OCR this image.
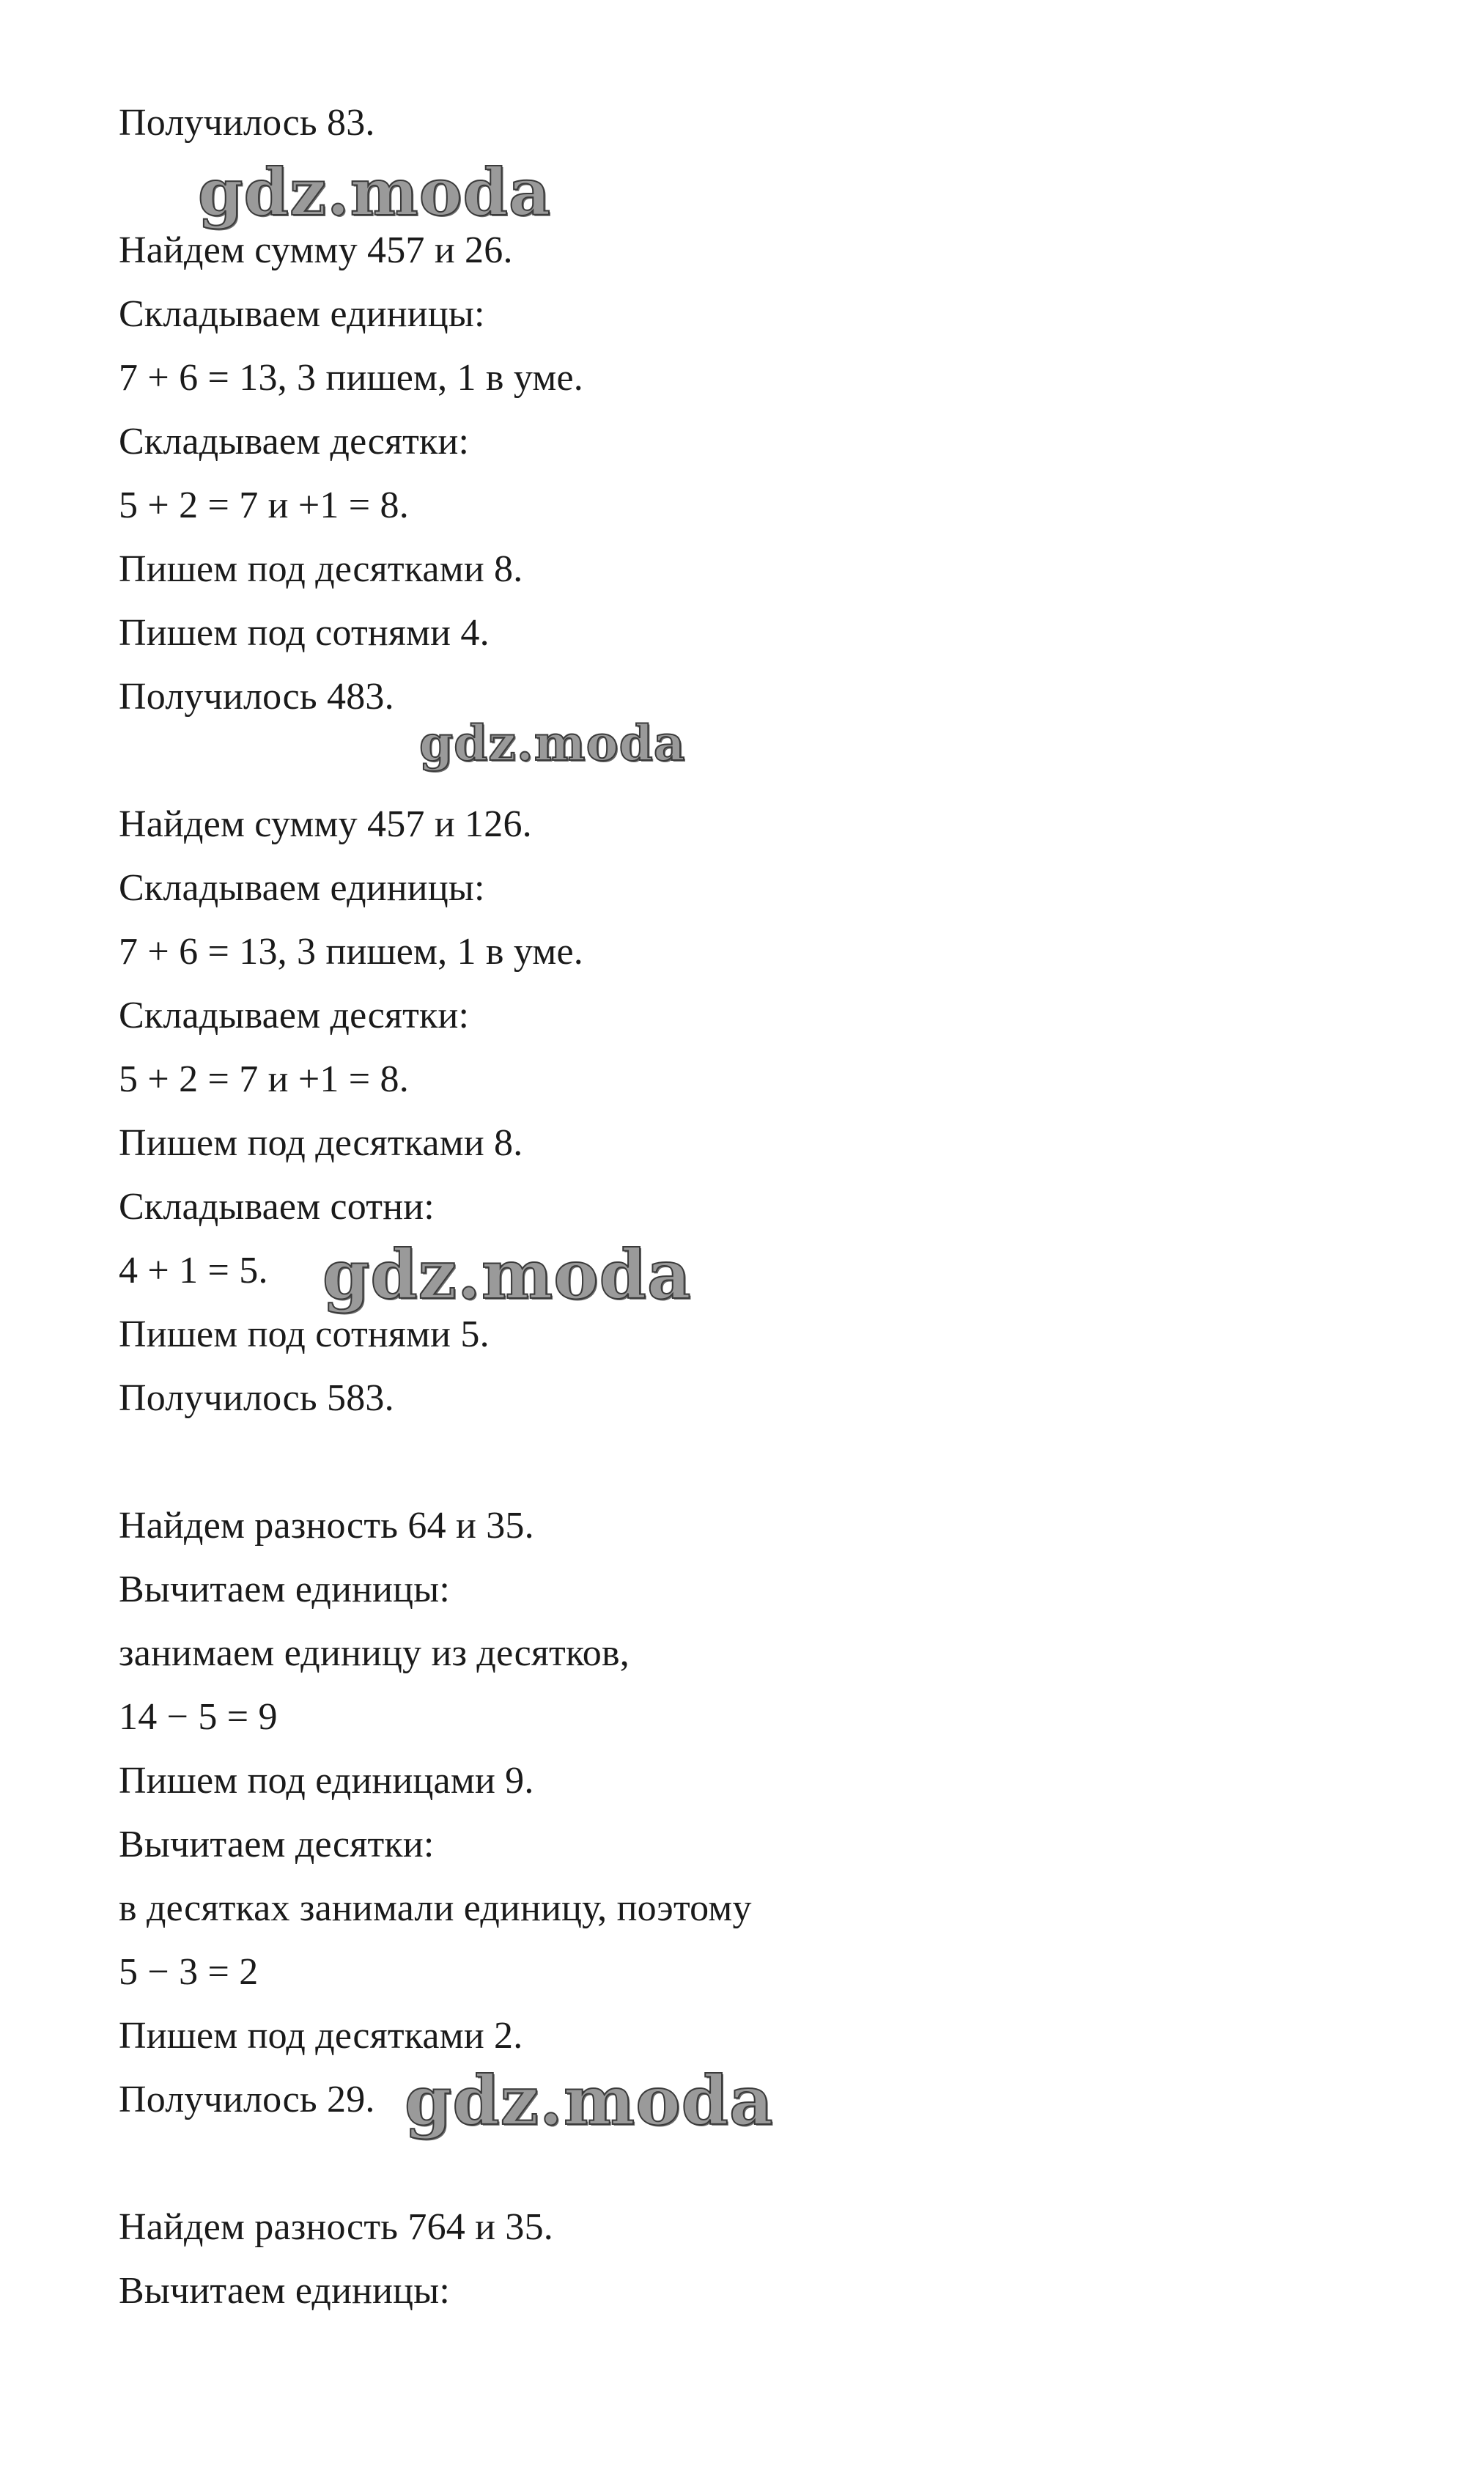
Получилось 83.
Найдем сумму 457 и 26.
Складываем единицы:
7 + 6 = 13, 3 пишем, 1 в уме.
Складываем десятки:
5 + 2 = 7 и +1 = 8.
Пишем под десятками 8.
Пишем под сотнями 4.
Получилось 483.
Найдем сумму 457 и 126.
Складываем единицы:
7 + 6 = 13, 3 пишем, 1 в уме.
Складываем десятки:
5 + 2 = 7 и +1 = 8.
Пишем под десятками 8.
Складываем сотни:
4 + 1 = 5.
Пишем под сотнями 5.
Получилось 583.
Найдем разность 64 и 35.
Вычитаем единицы:
занимаем единицу из десятков,
14 − 5 = 9
Пишем под единицами 9.
Вычитаем десятки:
в десятках занимали единицу, поэтому
5 − 3 = 2
Пишем под десятками 2.
Получилось 29.
Найдем разность 764 и 35.
Вычитаем единицы:
gdz.moda
gdz.moda
gdz.moda
gdz.moda
